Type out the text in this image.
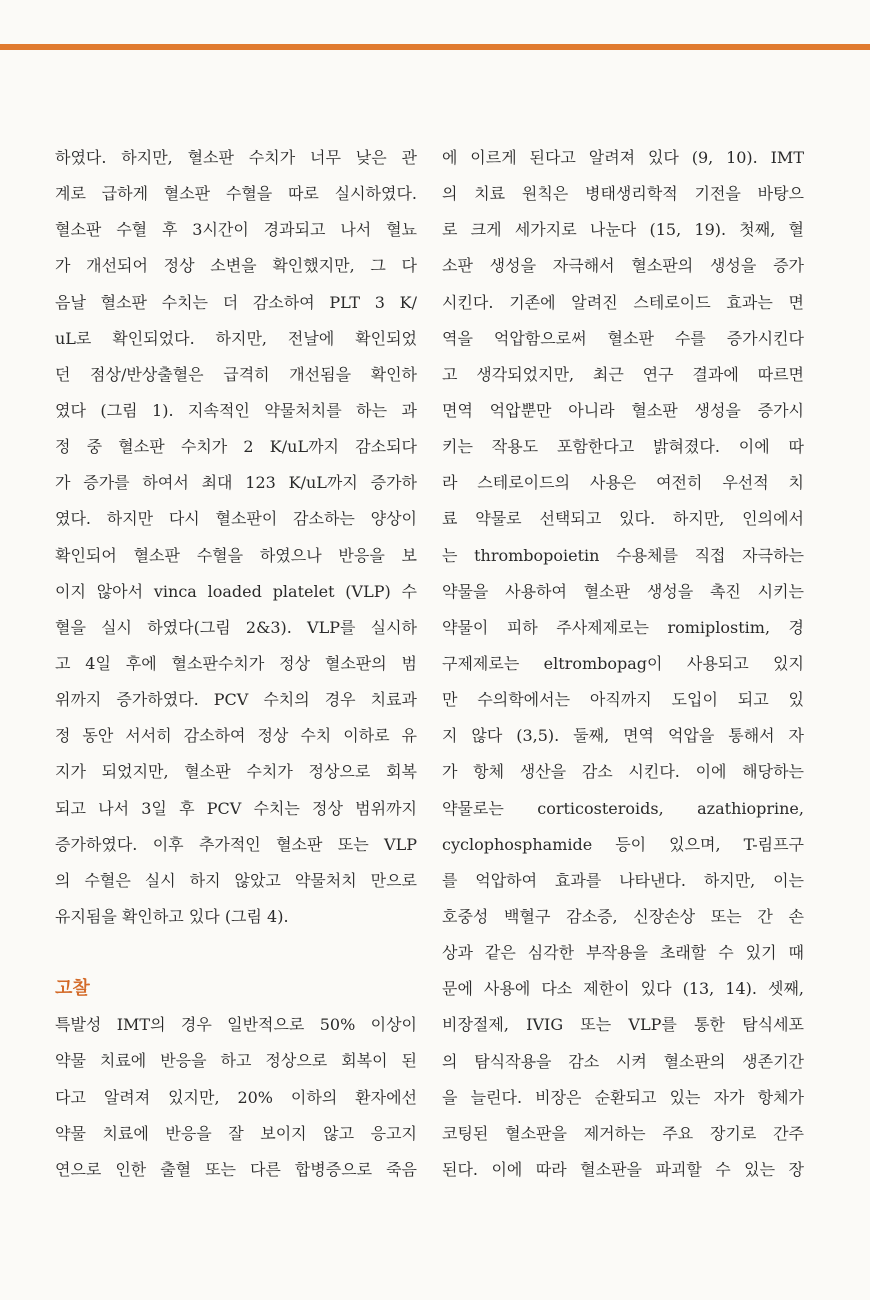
하였다. 하지만, 혈소판 수치가 너무 낮은 관
계로 급하게 혈소판 수혈을 따로 실시하였다.
혈소판 수혈 후 3시간이 경과되고 나서 혈뇨
가 개선되어 정상 소변을 확인했지만, 그 다
음날 혈소판 수치는 더 감소하여 PLT 3 K/
uL로 확인되었다. 하지만, 전날에 확인되었
던 점상/반상출혈은 급격히 개선됨을 확인하
였다 (그림 1). 지속적인 약물처치를 하는 과
정 중 혈소판 수치가 2 K/uL까지 감소되다
가 증가를 하여서 최대 123 K/uL까지 증가하
였다. 하지만 다시 혈소판이 감소하는 양상이
확인되어 혈소판 수혈을 하였으나 반응을 보
이지 않아서 vinca loaded platelet (VLP) 수
혈을 실시 하였다(그림 2&3). VLP를 실시하
고 4일 후에 혈소판수치가 정상 혈소판의 범
위까지 증가하였다. PCV 수치의 경우 치료과
정 동안 서서히 감소하여 정상 수치 이하로 유
지가 되었지만, 혈소판 수치가 정상으로 회복
되고 나서 3일 후 PCV 수치는 정상 범위까지
증가하였다. 이후 추가적인 혈소판 또는 VLP
의 수혈은 실시 하지 않았고 약물처치 만으로
유지됨을 확인하고 있다 (그림 4).
고찰
특발성 IMT의 경우 일반적으로 50% 이상이
약물 치료에 반응을 하고 정상으로 회복이 된
다고 알려져 있지만, 20% 이하의 환자에선
약물 치료에 반응을 잘 보이지 않고 응고지
연으로 인한 출혈 또는 다른 합병증으로 죽음
에 이르게 된다고 알려져 있다 (9, 10). IMT
의 치료 원칙은 병태생리학적 기전을 바탕으
로 크게 세가지로 나눈다 (15, 19). 첫째, 혈
소판 생성을 자극해서 혈소판의 생성을 증가
시킨다. 기존에 알려진 스테로이드 효과는 면
역을 억압함으로써 혈소판 수를 증가시킨다
고 생각되었지만, 최근 연구 결과에 따르면
면역 억압뿐만 아니라 혈소판 생성을 증가시
키는 작용도 포함한다고 밝혀졌다. 이에 따
라 스테로이드의 사용은 여전히 우선적 치
료 약물로 선택되고 있다. 하지만, 인의에서
는 thrombopoietin 수용체를 직접 자극하는
약물을 사용하여 혈소판 생성을 촉진 시키는
약물이 피하 주사제제로는 romiplostim, 경
구제제로는 eltrombopag이 사용되고 있지
만 수의학에서는 아직까지 도입이 되고 있
지 않다 (3,5). 둘째, 면역 억압을 통해서 자
가 항체 생산을 감소 시킨다. 이에 해당하는
약물로는 corticosteroids, azathioprine,
cyclophosphamide 등이 있으며, T-림프구
를 억압하여 효과를 나타낸다. 하지만, 이는
호중성 백혈구 감소증, 신장손상 또는 간 손
상과 같은 심각한 부작용을 초래할 수 있기 때
문에 사용에 다소 제한이 있다 (13, 14). 셋째,
비장절제, IVIG 또는 VLP를 통한 탐식세포
의 탐식작용을 감소 시켜 혈소판의 생존기간
을 늘린다. 비장은 순환되고 있는 자가 항체가
코팅된 혈소판을 제거하는 주요 장기로 간주
된다. 이에 따라 혈소판을 파괴할 수 있는 장
